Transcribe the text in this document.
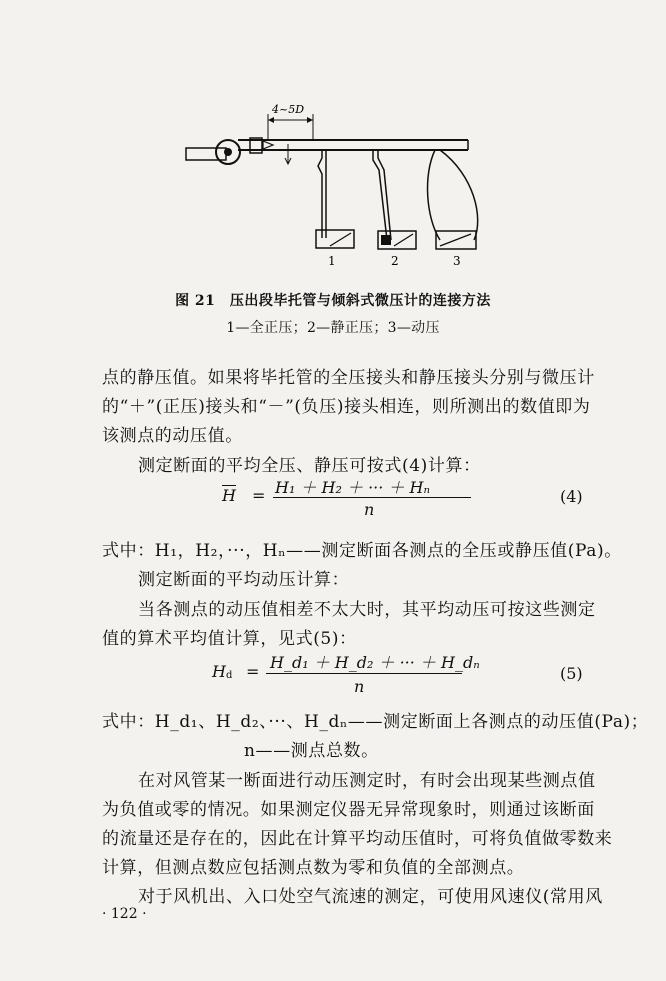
4~5D
1	2	3
图 21　压出段毕托管与倾斜式微压计的连接方法
1—全正压；2—静正压；3—动压
点的静压值。如果将毕托管的全压接头和静压接头分别与微压计
的“＋”(正压)接头和“－”(负压)接头相连，则所测出的数值即为
该测点的动压值。
测定断面的平均全压、静压可按式(4)计算：
$\overline{H} = H_1 + H_2$ ＋ ··· ＋ Hₙ
n
(4)
式中：H₁，H₂，···，Hₙ——测定断面各测点的全压或静压值(Pa)。
测定断面的平均动压计算：
当各测点的动压值相差不太大时，其平均动压可按这些测定
值的算术平均值计算，见式(5)：
H d = H_d₁ ＋ H_d₂ ＋ ··· ＋ H_dₙ
n
(5)
式中：H_d₁、H_d₂、···、H_dₙ——测定断面上各测点的动压值(Pa)；
n——测点总数。
在对风管某一断面进行动压测定时，有时会出现某些测点值
为负值或零的情况。如果测定仪器无异常现象时，则通过该断面
的流量还是存在的，因此在计算平均动压值时，可将负值做零数来
计算，但测点数应包括测点数为零和负值的全部测点。
对于风机出、入口处空气流速的测定，可使用风速仪(常用风
· 122 ·
